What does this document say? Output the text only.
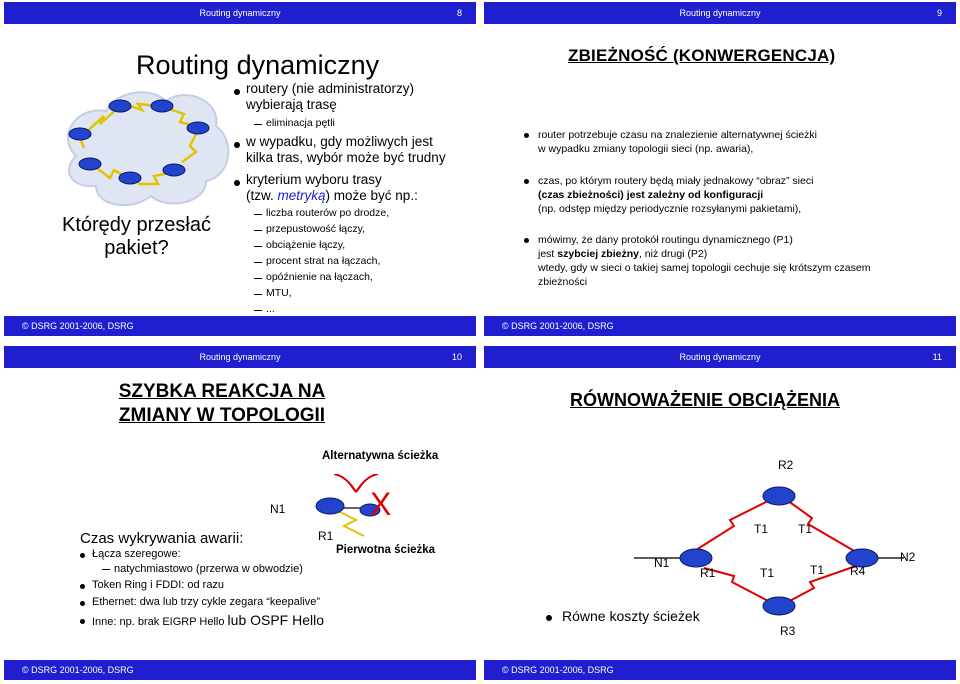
Routing dynamiczny	8
Routing dynamiczny
Którędy przesłać
pakiet?
routery (nie administratorzy)
wybierają trasę
eliminacja pętli
w wypadku, gdy możliwych jest
kilka tras, wybór może być trudny
kryterium wyboru trasy
(tzw. metryką) może być np.:
liczba routerów po drodze,
przepustowość łączy,
obciążenie łączy,
procent strat na łączach,
opóźnienie na łączach,
MTU,
...
© DSRG 2001-2006, DSRG
Routing dynamiczny	9
ZBIEŻNOŚĆ (KONWERGENCJA)
router potrzebuje czasu na znalezienie alternatywnej ścieżki
w wypadku zmiany topologii sieci (np. awaria),
czas, po którym routery będą miały jednakowy “obraz” sieci
(czas zbieżności) jest zależny od konfiguracji
(np. odstęp między periodycznie rozsyłanymi pakietami),
mówimy, że dany protokół routingu dynamicznego (P1)
jest szybciej zbieżny, niż drugi (P2)
wtedy, gdy w sieci o takiej samej topologii cechuje się krótszym czasem
zbieżności
© DSRG 2001-2006, DSRG
Routing dynamiczny	10
SZYBKA REAKCJA NA ZMIANY W TOPOLOGII
Alternatywna ścieżka
X
N1
R1
Pierwotna ścieżka
Czas wykrywania awarii:
Łącza szeregowe:
natychmiastowo (przerwa w obwodzie)
Token Ring i FDDI: od razu
Ethernet: dwa lub trzy cykle zegara “keepalive”
Inne: np. brak EIGRP Hello lub OSPF Hello
© DSRG 2001-2006, DSRG
Routing dynamiczny	11
RÓWNOWAŻENIE OBCIĄŻENIA
R2
N1
R1
T1 T1
T1	T1 R4
N2
R3
Równe koszty ścieżek
© DSRG 2001-2006, DSRG
